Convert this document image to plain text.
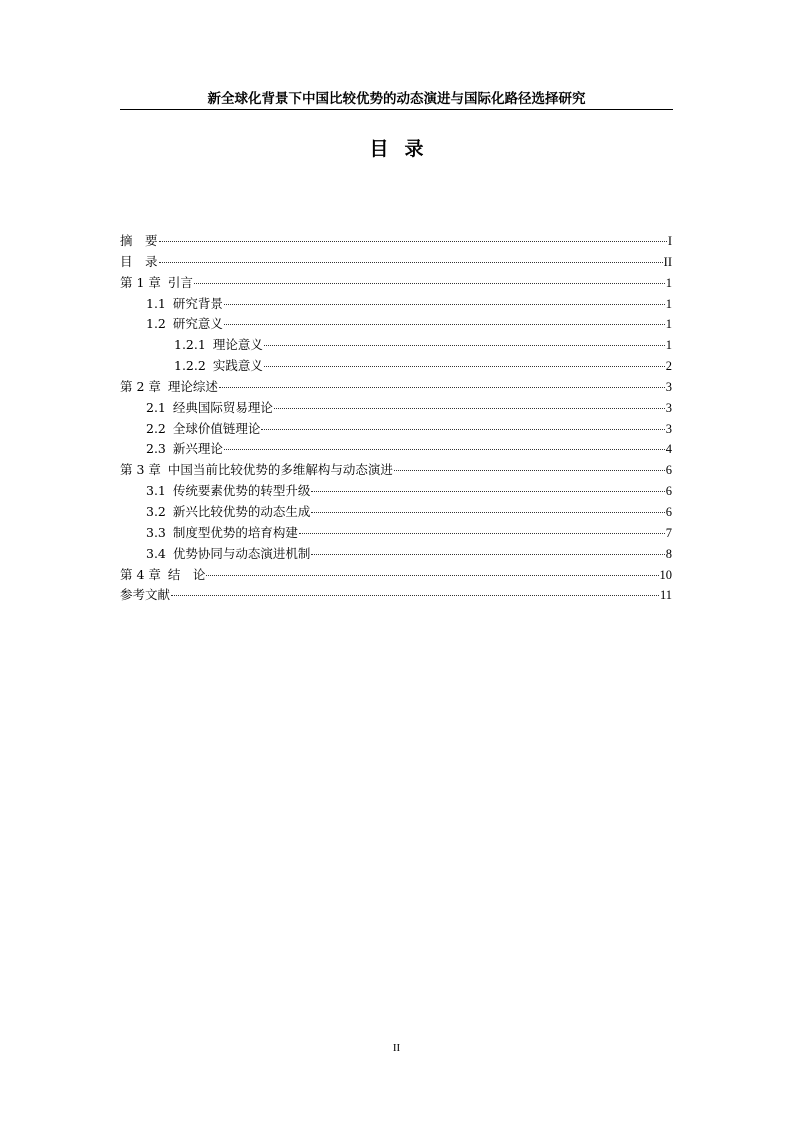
新全球化背景下中国比较优势的动态演进与国际化路径选择研究
目 录
摘　要	I
目　录	II
第 1 章 引言	1
1.1 研究背景	1
1.2 研究意义	1
1.2.1 理论意义	1
1.2.2 实践意义	2
第 2 章 理论综述	3
2.1 经典国际贸易理论	3
2.2 全球价值链理论	3
2.3 新兴理论	4
第 3 章 中国当前比较优势的多维解构与动态演进	6
3.1 传统要素优势的转型升级	6
3.2 新兴比较优势的动态生成	6
3.3 制度型优势的培育构建	7
3.4 优势协同与动态演进机制	8
第 4 章 结　论	10
参考文献	11
II
